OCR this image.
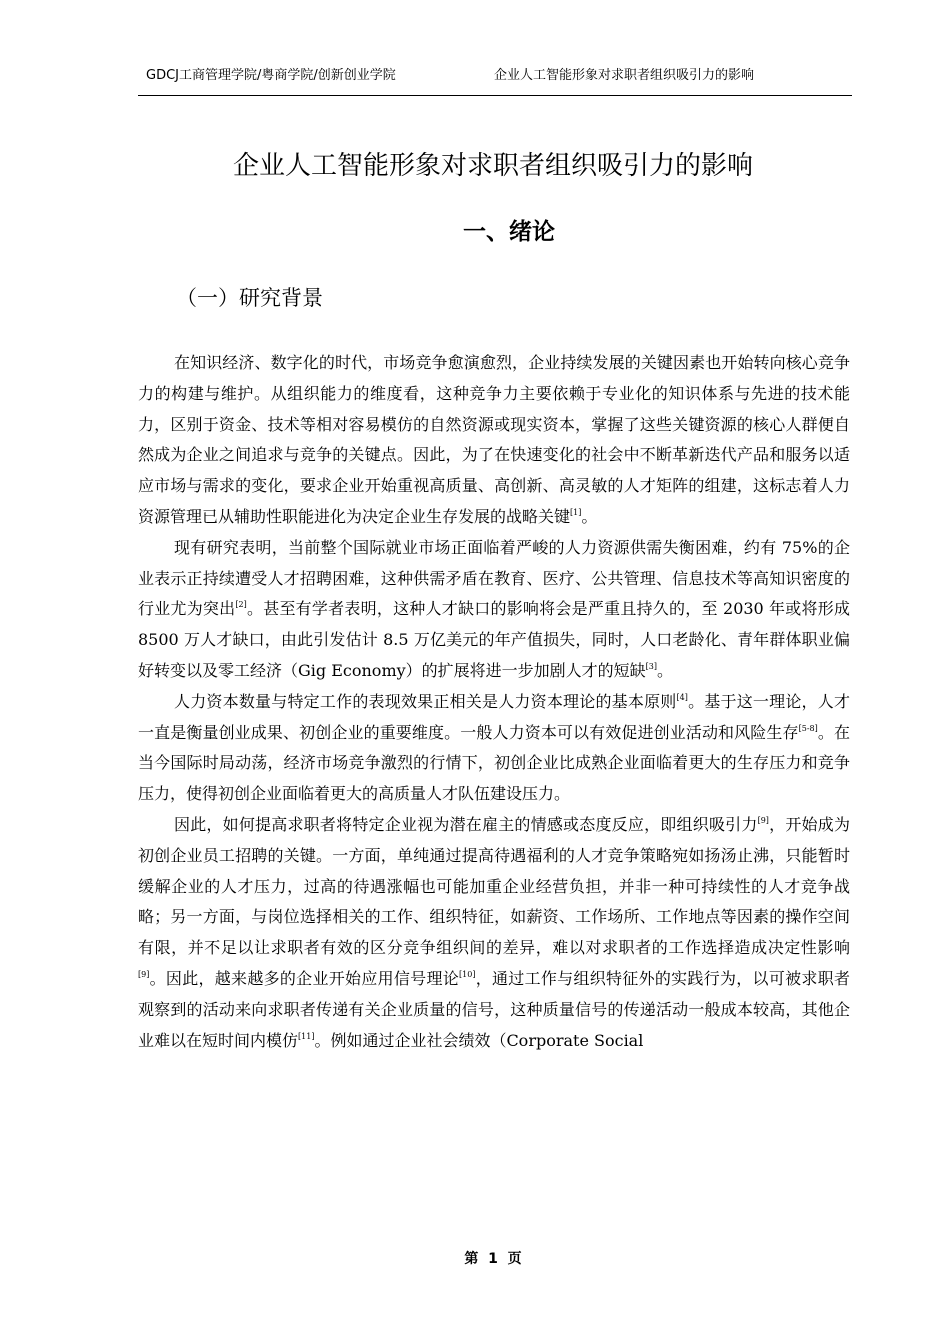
GDCJ工商管理学院/粤商学院/创新创业学院	企业人工智能形象对求职者组织吸引力的影响
企业人工智能形象对求职者组织吸引力的影响
一、绪论
（一）研究背景

在知识经济、数字化的时代，市场竞争愈演愈烈，企业持续发展的关键因素也开始转向核心竞争力的构建与维护。从组织能力的维度看，这种竞争力主要依赖于专业化的知识体系与先进的技术能力，区别于资金、技术等相对容易模仿的自然资源或现实资本，掌握了这些关键资源的核心人群便自然成为企业之间追求与竞争的关键点。因此，为了在快速变化的社会中不断革新迭代产品和服务以适应市场与需求的变化，要求企业开始重视高质量、高创新、高灵敏的人才矩阵的组建，这标志着人力资源管理已从辅助性职能进化为决定企业生存发展的战略关键[1]。

现有研究表明，当前整个国际就业市场正面临着严峻的人力资源供需失衡困难，约有 75%的企业表示正持续遭受人才招聘困难，这种供需矛盾在教育、医疗、公共管理、信息技术等高知识密度的行业尤为突出[2]。甚至有学者表明，这种人才缺口的影响将会是严重且持久的，至 2030 年或将形成 8500 万人才缺口，由此引发估计 8.5 万亿美元的年产值损失，同时，人口老龄化、青年群体职业偏好转变以及零工经济（Gig Economy）的扩展将进一步加剧人才的短缺[3]。

人力资本数量与特定工作的表现效果正相关是人力资本理论的基本原则[4]。基于这一理论，人才一直是衡量创业成果、初创企业的重要维度。一般人力资本可以有效促进创业活动和风险生存[5-8]。在当今国际时局动荡，经济市场竞争激烈的行情下，初创企业比成熟企业面临着更大的生存压力和竞争压力，使得初创企业面临着更大的高质量人才队伍建设压力。

因此，如何提高求职者将特定企业视为潜在雇主的情感或态度反应，即组织吸引力[9]，开始成为初创企业员工招聘的关键。一方面，单纯通过提高待遇福利的人才竞争策略宛如扬汤止沸，只能暂时缓解企业的人才压力，过高的待遇涨幅也可能加重企业经营负担，并非一种可持续性的人才竞争战略；另一方面，与岗位选择相关的工作、组织特征，如薪资、工作场所、工作地点等因素的操作空间有限，并不足以让求职者有效的区分竞争组织间的差异，难以对求职者的工作选择造成决定性影响[9]。因此，越来越多的企业开始应用信号理论[10]，通过工作与组织特征外的实践行为，以可被求职者观察到的活动来向求职者传递有关企业质量的信号，这种质量信号的传递活动一般成本较高，其他企业难以在短时间内模仿[11]。例如通过企业社会绩效（Corporate Social

第  1  页
